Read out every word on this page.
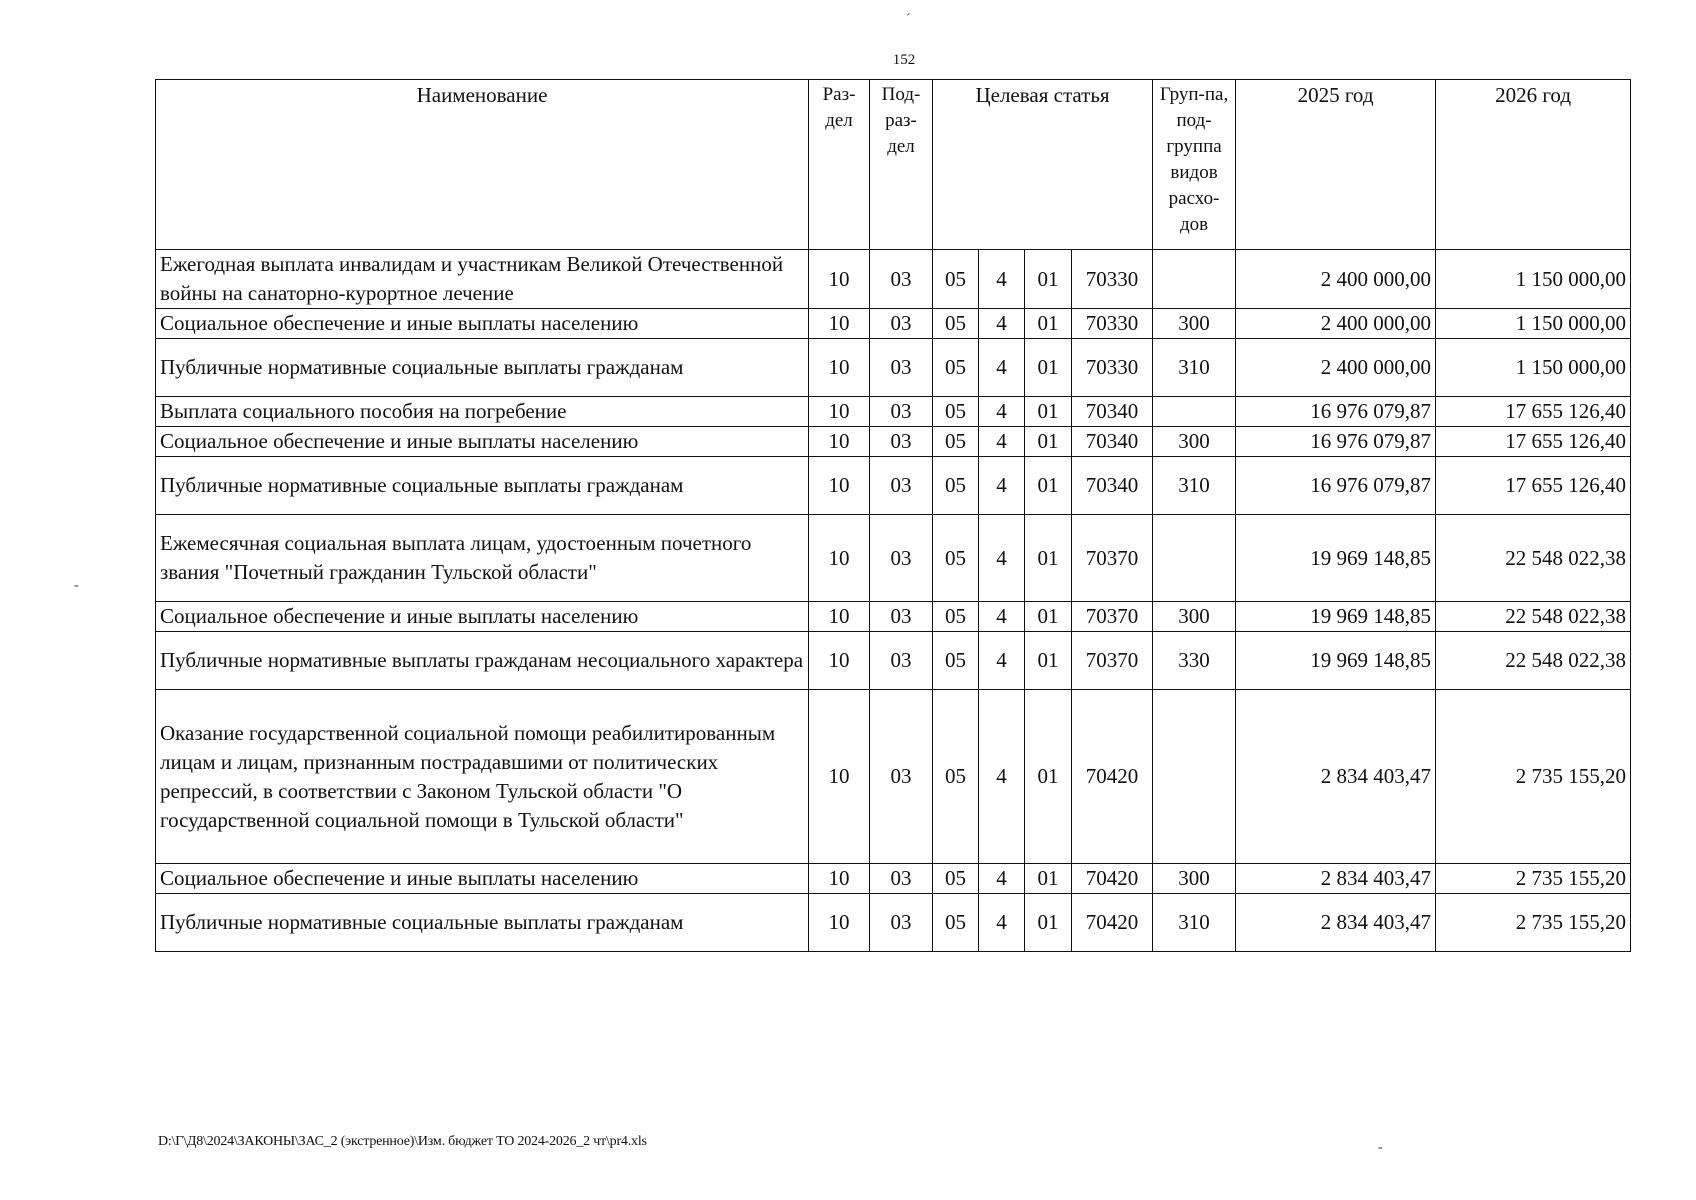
152
´
-
-
Наименование	Раз-дел	Под-раз-дел	Целевая статья				Груп-па, под-группа видов расхо-дов	2025 год	2026 год
Ежегодная выплата инвалидам и участникам Великой Отечественной войны на санаторно-курортное лечение	10	03	05	4	01	70330		2 400 000,00	1 150 000,00
Социальное обеспечение и иные выплаты населению	10	03	05	4	01	70330	300	2 400 000,00	1 150 000,00
Публичные нормативные социальные выплаты гражданам	10	03	05	4	01	70330	310	2 400 000,00	1 150 000,00
Выплата социального пособия на погребение	10	03	05	4	01	70340		16 976 079,87	17 655 126,40
Социальное обеспечение и иные выплаты населению	10	03	05	4	01	70340	300	16 976 079,87	17 655 126,40
Публичные нормативные социальные выплаты гражданам	10	03	05	4	01	70340	310	16 976 079,87	17 655 126,40
Ежемесячная социальная выплата лицам, удостоенным почетного звания "Почетный гражданин Тульской области"	10	03	05	4	01	70370		19 969 148,85	22 548 022,38
Социальное обеспечение и иные выплаты населению	10	03	05	4	01	70370	300	19 969 148,85	22 548 022,38
Публичные нормативные выплаты гражданам несоциального характера	10	03	05	4	01	70370	330	19 969 148,85	22 548 022,38
Оказание государственной социальной помощи реабилитированным лицам и лицам, признанным пострадавшими от политических репрессий, в соответствии с Законом Тульской области "О государственной социальной помощи в Тульской области"	10	03	05	4	01	70420		2 834 403,47	2 735 155,20
Социальное обеспечение и иные выплаты населению	10	03	05	4	01	70420	300	2 834 403,47	2 735 155,20
Публичные нормативные социальные выплаты гражданам	10	03	05	4	01	70420	310	2 834 403,47	2 735 155,20
D:\Г\Д8\2024\ЗАКОНЫ\ЗАС_2 (экстренное)\Изм. бюджет ТО 2024-2026_2 чт\pr4.xls
